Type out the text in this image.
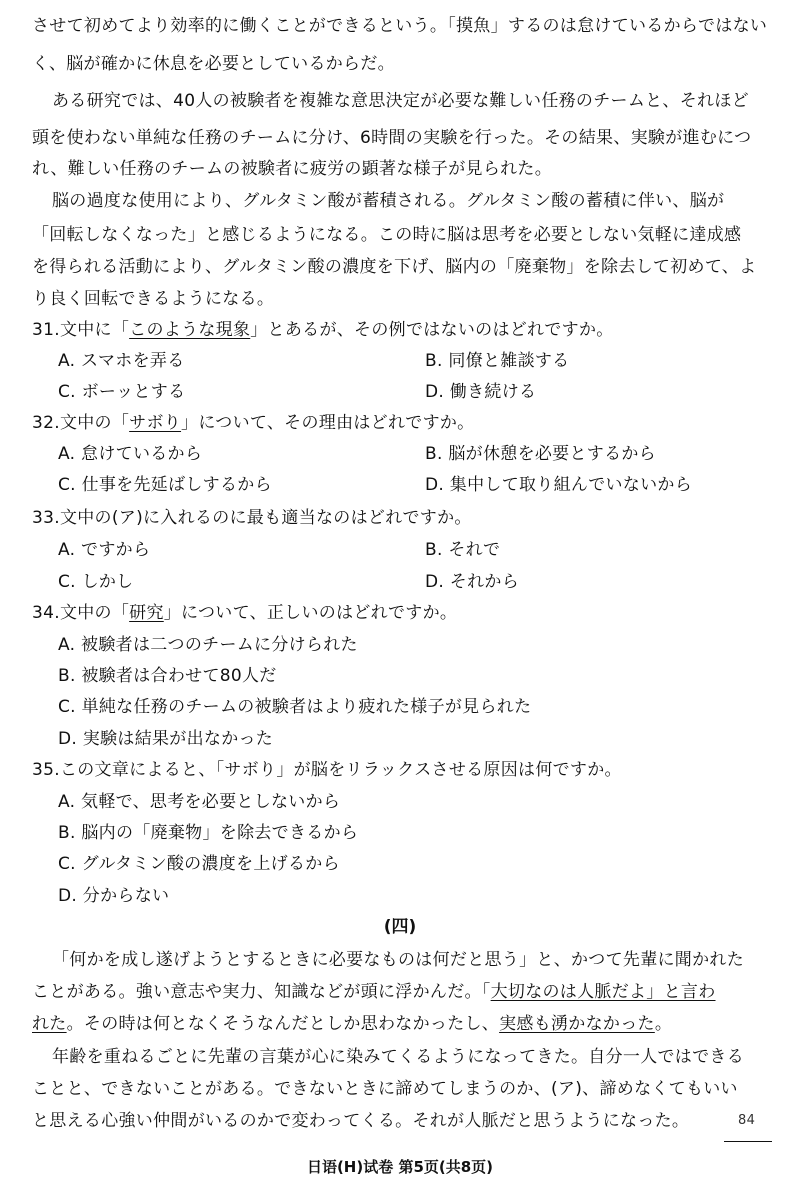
させて初めてより効率的に働くことができるという。「摸魚」するのは怠けているからではない
く、脳が確かに休息を必要としているからだ。
ある研究では、40人の被験者を複雑な意思決定が必要な難しい任務のチームと、それほど
頭を使わない単純な任務のチームに分け、6時間の実験を行った。その結果、実験が進むにつ
れ、難しい任務のチームの被験者に疲労の顕著な様子が見られた。
脳の過度な使用により、グルタミン酸が蓄積される。グルタミン酸の蓄積に伴い、脳が
「回転しなくなった」と感じるようになる。この時に脳は思考を必要としない気軽に達成感
を得られる活動により、グルタミン酸の濃度を下げ、脳内の「廃棄物」を除去して初めて、よ
り良く回転できるようになる。
31.文中に「このような現象」とあるが、その例ではないのはどれですか。
A. スマホを弄る	B. 同僚と雑談する
C. ボーッとする	D. 働き続ける
32.文中の「サボり」について、その理由はどれですか。
A. 怠けているから	B. 脳が休憩を必要とするから
C. 仕事を先延ばしするから	D. 集中して取り組んでいないから
33.文中の(ア)に入れるのに最も適当なのはどれですか。
A. ですから	B. それで
C. しかし	D. それから
34.文中の「研究」について、正しいのはどれですか。
A. 被験者は二つのチームに分けられた
B. 被験者は合わせて80人だ
C. 単純な任務のチームの被験者はより疲れた様子が見られた
D. 実験は結果が出なかった
35.この文章によると、「サボり」が脳をリラックスさせる原因は何ですか。
A. 気軽で、思考を必要としないから
B. 脳内の「廃棄物」を除去できるから
C. グルタミン酸の濃度を上げるから
D. 分からない
(四)
「何かを成し遂げようとするときに必要なものは何だと思う」と、かつて先輩に聞かれた
ことがある。強い意志や実力、知識などが頭に浮かんだ。「大切なのは人脈だよ」と言わ
れた。その時は何となくそうなんだとしか思わなかったし、実感も湧かなかった。
年齢を重ねるごとに先輩の言葉が心に染みてくるようになってきた。自分一人ではできる
ことと、できないことがある。できないときに諦めてしまうのか、(ア)、諦めなくてもいい
と思える心強い仲間がいるのかで変わってくる。それが人脈だと思うようになった。	84
日语(H)试卷 第5页(共8页)
